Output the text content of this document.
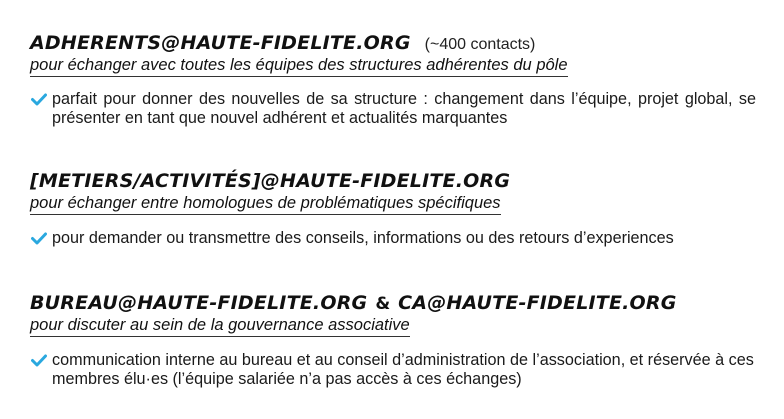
ADHERENTS@HAUTE-FIDELITE.ORG (~400 contacts)
pour échanger avec toutes les équipes des structures adhérentes du pôle
parfait pour donner des nouvelles de sa structure : changement dans l’équipe, projet global, se présenter en tant que nouvel adhérent et actualités marquantes
[METIERS/ACTIVITÉS]@HAUTE-FIDELITE.ORG
pour échanger entre homologues de problématiques spécifiques
pour demander ou transmettre des conseils, informations ou des retours d’experiences
BUREAU@HAUTE-FIDELITE.ORG & CA@HAUTE-FIDELITE.ORG
pour discuter au sein de la gouvernance associative
communication interne au bureau et au conseil d’administration de l’association, et réservée à ces membres élu·es (l’équipe salariée n’a pas accès à ces échanges)
